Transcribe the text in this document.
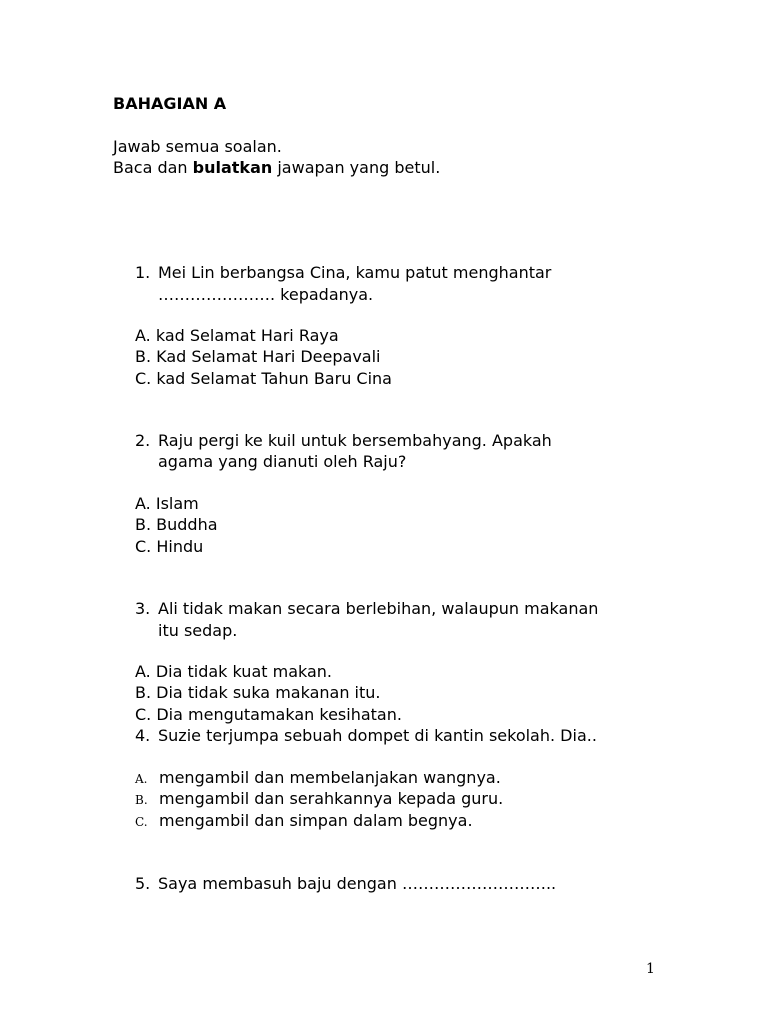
BAHAGIAN A
Jawab semua soalan.
Baca dan bulatkan jawapan yang betul.
1. Mei Lin berbangsa Cina, kamu patut menghantar
…………………. kepadanya.
A. kad Selamat Hari Raya
B. Kad Selamat Hari Deepavali
C. kad Selamat Tahun Baru Cina
2. Raju pergi ke kuil untuk bersembahyang. Apakah
agama yang dianuti oleh Raju?
A. Islam
B. Buddha
C. Hindu
3. Ali tidak makan secara berlebihan, walaupun makanan
itu sedap.
A. Dia tidak kuat makan.
B. Dia tidak suka makanan itu.
C. Dia mengutamakan kesihatan.
4. Suzie terjumpa sebuah dompet di kantin sekolah. Dia..
A. mengambil dan membelanjakan wangnya.
B. mengambil dan serahkannya kepada guru.
C. mengambil dan simpan dalam begnya.
5. Saya membasuh baju dengan ………………………..
1
